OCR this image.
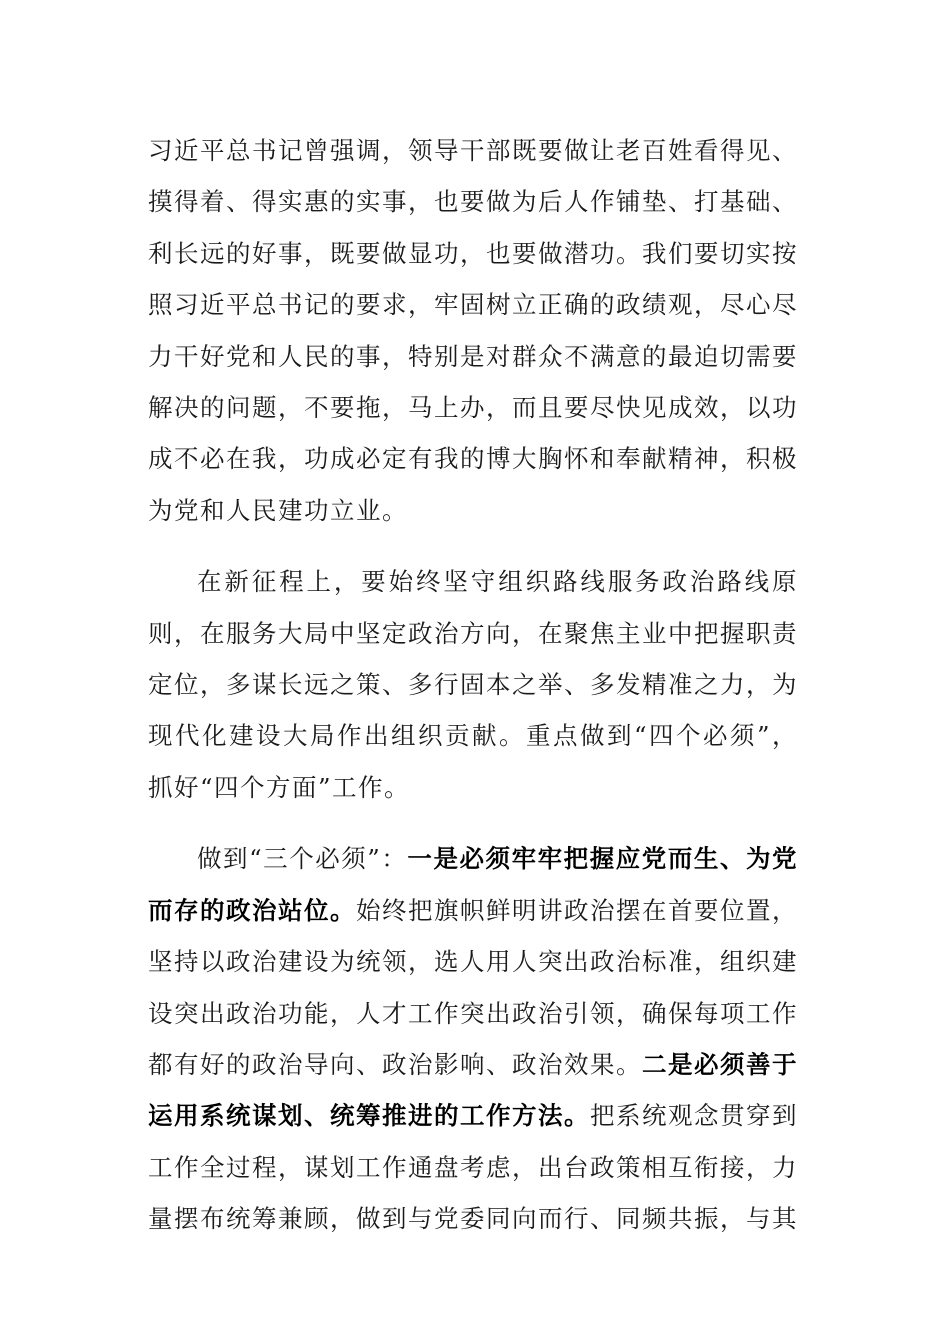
习近平总书记曾强调，领导干部既要做让老百姓看得见、摸得着、得实惠的实事，也要做为后人作铺垫、打基础、利长远的好事，既要做显功，也要做潜功。我们要切实按照习近平总书记的要求，牢固树立正确的政绩观，尽心尽力干好党和人民的事，特别是对群众不满意的最迫切需要解决的问题，不要拖，马上办，而且要尽快见成效，以功成不必在我，功成必定有我的博大胸怀和奉献精神，积极为党和人民建功立业。

在新征程上，要始终坚守组织路线服务政治路线原则，在服务大局中坚定政治方向，在聚焦主业中把握职责定位，多谋长远之策、多行固本之举、多发精准之力，为现代化建设大局作出组织贡献。重点做到“四个必须”，抓好“四个方面”工作。

做到“三个必须”：一是必须牢牢把握应党而生、为党而存的政治站位。始终把旗帜鲜明讲政治摆在首要位置，坚持以政治建设为统领，选人用人突出政治标准，组织建设突出政治功能，人才工作突出政治引领，确保每项工作都有好的政治导向、政治影响、政治效果。二是必须善于运用系统谋划、统筹推进的工作方法。把系统观念贯穿到工作全过程，谋划工作通盘考虑，出台政策相互衔接，力量摆布统筹兼顾，做到与党委同向而行、同频共振，与其
